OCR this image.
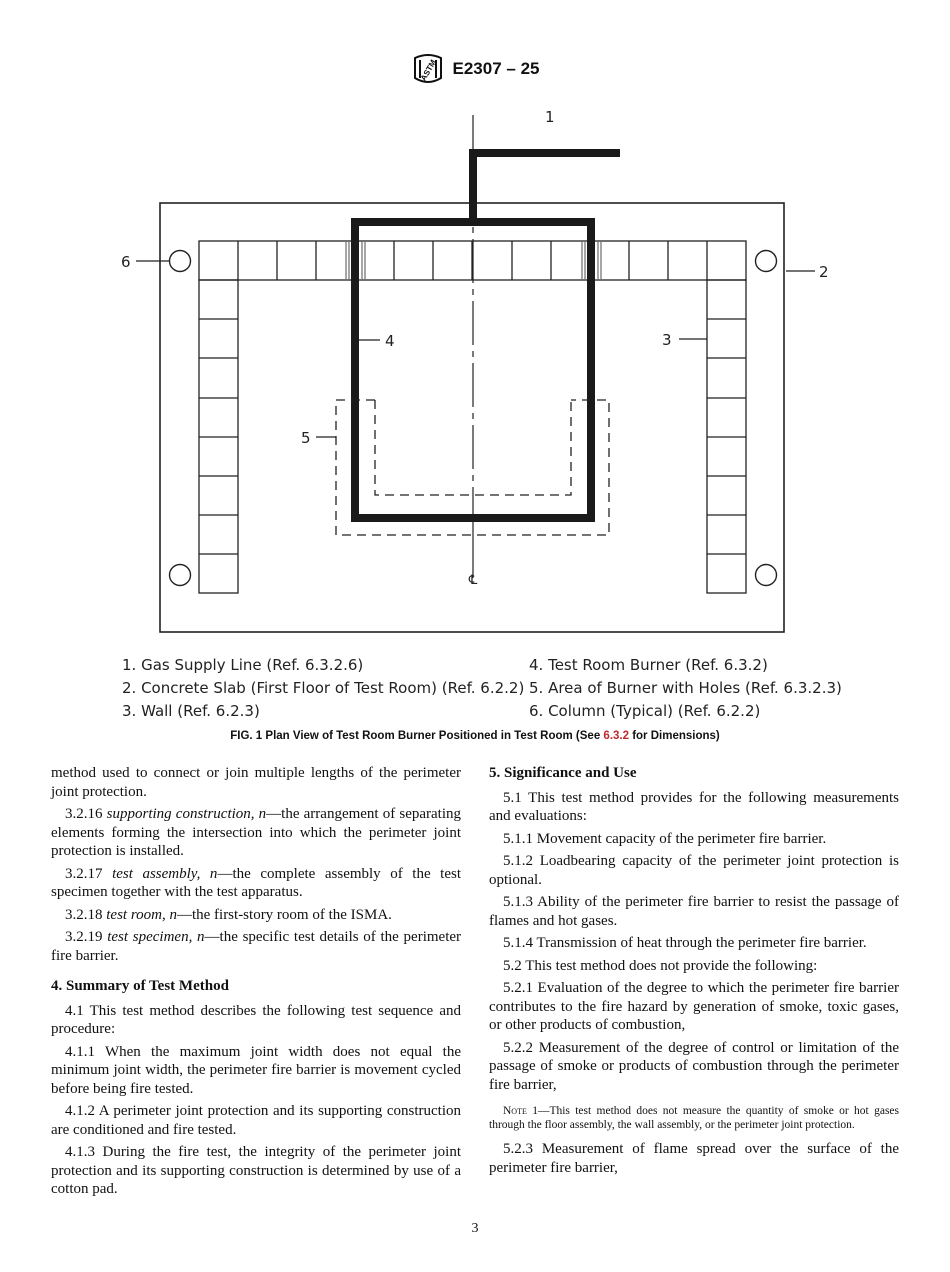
ASTM E2307 – 25
℄
1
2
3
4
5
6
1. Gas Supply Line (Ref. 6.3.2.6)	4. Test Room Burner (Ref. 6.3.2)
2. Concrete Slab (First Floor of Test Room) (Ref. 6.2.2) 5. Area of Burner with Holes (Ref. 6.3.2.3)
3. Wall (Ref. 6.2.3)	6. Column (Typical) (Ref. 6.2.2)
FIG. 1 Plan View of Test Room Burner Positioned in Test Room (See 6.3.2 for Dimensions)

method used to connect or join multiple lengths of the perimeter joint protection.

3.2.16 supporting construction, n—the arrangement of separating elements forming the intersection into which the perimeter joint protection is installed.

3.2.17 test assembly, n—the complete assembly of the test specimen together with the test apparatus.

3.2.18 test room, n—the first-story room of the ISMA.

3.2.19 test specimen, n—the specific test details of the perimeter fire barrier.

4. Summary of Test Method

4.1 This test method describes the following test sequence and procedure:

4.1.1 When the maximum joint width does not equal the minimum joint width, the perimeter fire barrier is movement cycled before being fire tested.

4.1.2 A perimeter joint protection and its supporting construction are conditioned and fire tested.

4.1.3 During the fire test, the integrity of the perimeter joint protection and its supporting construction is determined by use of a cotton pad.

5. Significance and Use

5.1 This test method provides for the following measurements and evaluations:

5.1.1 Movement capacity of the perimeter fire barrier.

5.1.2 Loadbearing capacity of the perimeter joint protection is optional.

5.1.3 Ability of the perimeter fire barrier to resist the passage of flames and hot gases.

5.1.4 Transmission of heat through the perimeter fire barrier.

5.2 This test method does not provide the following:

5.2.1 Evaluation of the degree to which the perimeter fire barrier contributes to the fire hazard by generation of smoke, toxic gases, or other products of combustion,

5.2.2 Measurement of the degree of control or limitation of the passage of smoke or products of combustion through the perimeter fire barrier,

Note 1—This test method does not measure the quantity of smoke or hot gases through the floor assembly, the wall assembly, or the perimeter joint protection.

5.2.3 Measurement of flame spread over the surface of the perimeter fire barrier,

3
